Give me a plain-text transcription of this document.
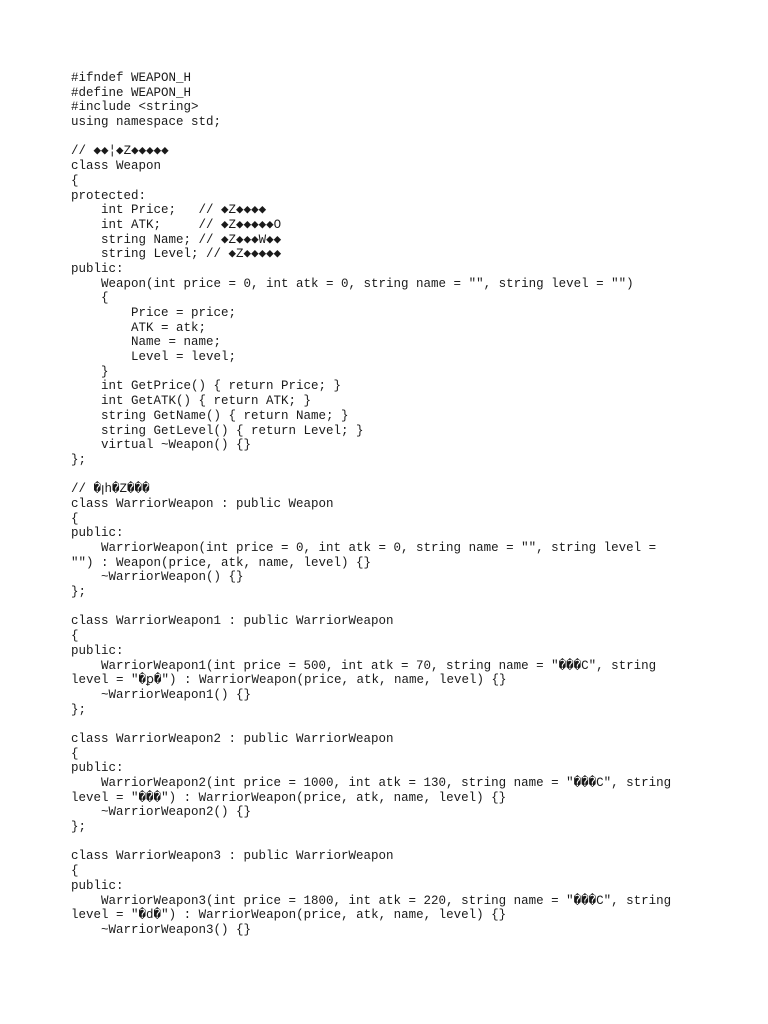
#ifndef WEAPON_H
#define WEAPON_H
#include <string>
using namespace std;
// ◆◆¦◆Z◆◆◆◆◆
class Weapon
{
protected:
int Price;   // ◆Z◆◆◆◆
int ATK;     // ◆Z◆◆◆◆◆O
string Name; // ◆Z◆◆◆W◆◆
string Level; // ◆Z◆◆◆◆◆
public:
Weapon(int price = 0, int atk = 0, string name = "", string level = "")
{
Price = price;
ATK = atk;
Name = name;
Level = level;
}
int GetPrice() { return Price; }
int GetATK() { return ATK; }
string GetName() { return Name; }
string GetLevel() { return Level; }
virtual ~Weapon() {}
};
// �ꞁh�Z���
class WarriorWeapon : public Weapon
{
public:
WarriorWeapon(int price = 0, int atk = 0, string name = "", string level =
"") : Weapon(price, atk, name, level) {}
~WarriorWeapon() {}
};
class WarriorWeapon1 : public WarriorWeapon
{
public:
WarriorWeapon1(int price = 500, int atk = 70, string name = "���C", string
level = "�ꝑ�") : WarriorWeapon(price, atk, name, level) {}
~WarriorWeapon1() {}
};
class WarriorWeapon2 : public WarriorWeapon
{
public:
WarriorWeapon2(int price = 1000, int atk = 130, string name = "���C", string
level = "���") : WarriorWeapon(price, atk, name, level) {}
~WarriorWeapon2() {}
};
class WarriorWeapon3 : public WarriorWeapon
{
public:
WarriorWeapon3(int price = 1800, int atk = 220, string name = "���C", string
level = "�d�") : WarriorWeapon(price, atk, name, level) {}
~WarriorWeapon3() {}
